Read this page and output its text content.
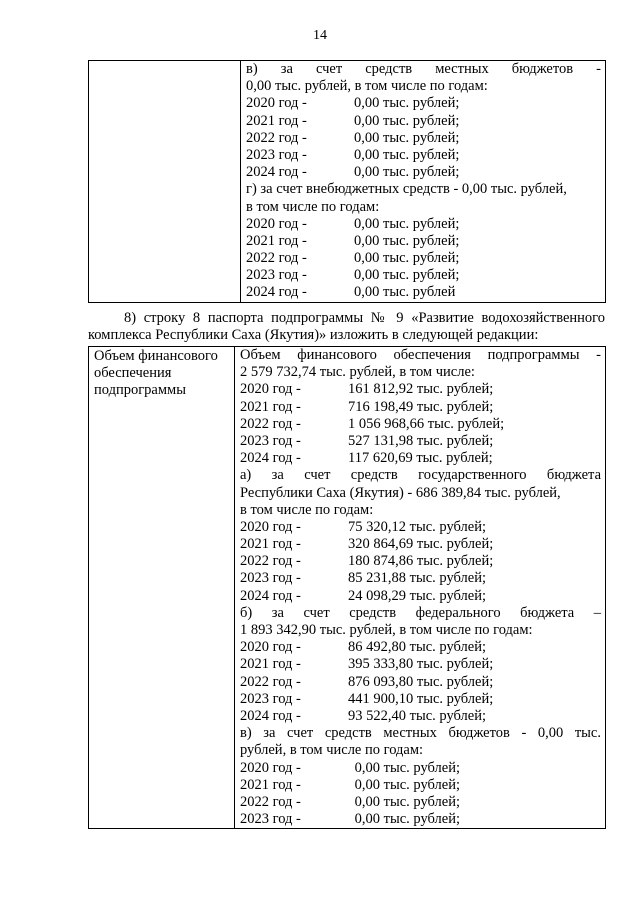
14

в) за счет средств местных бюджетов -
0,00 тыс. рублей, в том числе по годам:
2020 год -	0,00 тыс. рублей;
2021 год -	0,00 тыс. рублей;
2022 год -	0,00 тыс. рублей;
2023 год -	0,00 тыс. рублей;
2024 год -	0,00 тыс. рублей;
г) за счет внебюджетных средств - 0,00 тыс. рублей,
в том числе по годам:
2020 год -	0,00 тыс. рублей;
2021 год -	0,00 тыс. рублей;
2022 год -	0,00 тыс. рублей;
2023 год -	0,00 тыс. рублей;
2024 год -	0,00 тыс. рублей
8) строку 8 паспорта подпрограммы № 9 «Развитие водохозяйственного
комплекса Республики Саха (Якутия)» изложить в следующей редакции:
Объем финансового обеспечения подпрограммы

Объем финансового обеспечения подпрограммы -
2 579 732,74 тыс. рублей, в том числе:
2020 год -	161 812,92 тыс. рублей;
2021 год -	716 198,49 тыс. рублей;
2022 год -	1 056 968,66 тыс. рублей;
2023 год -	527 131,98 тыс. рублей;
2024 год -	117 620,69 тыс. рублей;
а) за счет средств государственного бюджета
Республики Саха (Якутия) - 686 389,84 тыс. рублей,
в том числе по годам:
2020 год -	75 320,12 тыс. рублей;
2021 год -	320 864,69 тыс. рублей;
2022 год -	180 874,86 тыс. рублей;
2023 год -	85 231,88 тыс. рублей;
2024 год -	24 098,29 тыс. рублей;
б) за счет средств федерального бюджета –
1 893 342,90 тыс. рублей, в том числе по годам:
2020 год -	86 492,80 тыс. рублей;
2021 год -	395 333,80 тыс. рублей;
2022 год -	876 093,80 тыс. рублей;
2023 год -	441 900,10 тыс. рублей;
2024 год -	93 522,40 тыс. рублей;
в) за счет средств местных бюджетов - 0,00 тыс.
рублей, в том числе по годам:
2020 год -	0,00 тыс. рублей;
2021 год -	0,00 тыс. рублей;
2022 год -	0,00 тыс. рублей;
2023 год -	0,00 тыс. рублей;
